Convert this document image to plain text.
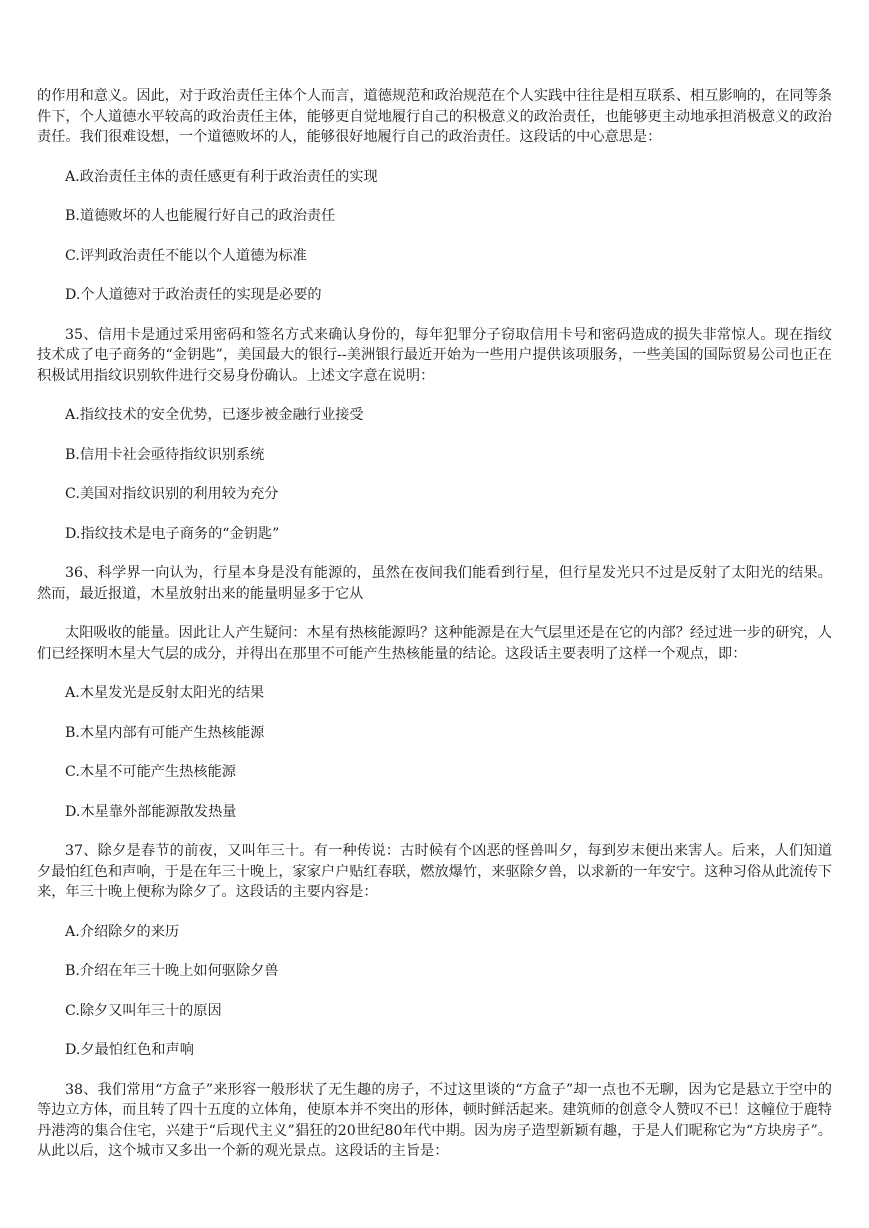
的作用和意义。因此，对于政治责任主体个人而言，道德规范和政治规范在个人实践中往往是相互联系、相互影响的，在同等条件下，个人道德水平较高的政治责任主体，能够更自觉地履行自己的积极意义的政治责任，也能够更主动地承担消极意义的政治责任。我们很难设想，一个道德败坏的人，能够很好地履行自己的政治责任。这段话的中心意思是：

A.政治责任主体的责任感更有利于政治责任的实现

B.道德败坏的人也能履行好自己的政治责任

C.评判政治责任不能以个人道德为标准

D.个人道德对于政治责任的实现是必要的

35、信用卡是通过采用密码和签名方式来确认身份的，每年犯罪分子窃取信用卡号和密码造成的损失非常惊人。现在指纹技术成了电子商务的“金钥匙”，美国最大的银行--美洲银行最近开始为一些用户提供该项服务，一些美国的国际贸易公司也正在积极试用指纹识别软件进行交易身份确认。上述文字意在说明：

A.指纹技术的安全优势，已逐步被金融行业接受

B.信用卡社会亟待指纹识别系统

C.美国对指纹识别的利用较为充分

D.指纹技术是电子商务的“金钥匙”

36、科学界一向认为，行星本身是没有能源的，虽然在夜间我们能看到行星，但行星发光只不过是反射了太阳光的结果。然而，最近报道，木星放射出来的能量明显多于它从

太阳吸收的能量。因此让人产生疑问：木星有热核能源吗？这种能源是在大气层里还是在它的内部？经过进一步的研究，人们已经探明木星大气层的成分，并得出在那里不可能产生热核能量的结论。这段话主要表明了这样一个观点，即：

A.木星发光是反射太阳光的结果

B.木星内部有可能产生热核能源

C.木星不可能产生热核能源

D.木星靠外部能源散发热量

37、除夕是春节的前夜，又叫年三十。有一种传说：古时候有个凶恶的怪兽叫夕，每到岁末便出来害人。后来，人们知道夕最怕红色和声响，于是在年三十晚上，家家户户贴红春联，燃放爆竹，来驱除夕兽，以求新的一年安宁。这种习俗从此流传下来，年三十晚上便称为除夕了。这段话的主要内容是：

A.介绍除夕的来历

B.介绍在年三十晚上如何驱除夕兽

C.除夕又叫年三十的原因

D.夕最怕红色和声响

38、我们常用“方盒子”来形容一般形状了无生趣的房子，不过这里谈的“方盒子”却一点也不无聊，因为它是悬立于空中的等边立方体，而且转了四十五度的立体角，使原本并不突出的形体，顿时鲜活起来。建筑师的创意令人赞叹不已！这幢位于鹿特丹港湾的集合住宅，兴建于“后现代主义”猖狂的20世纪80年代中期。因为房子造型新颖有趣，于是人们昵称它为“方块房子”。从此以后，这个城市又多出一个新的观光景点。这段话的主旨是：
